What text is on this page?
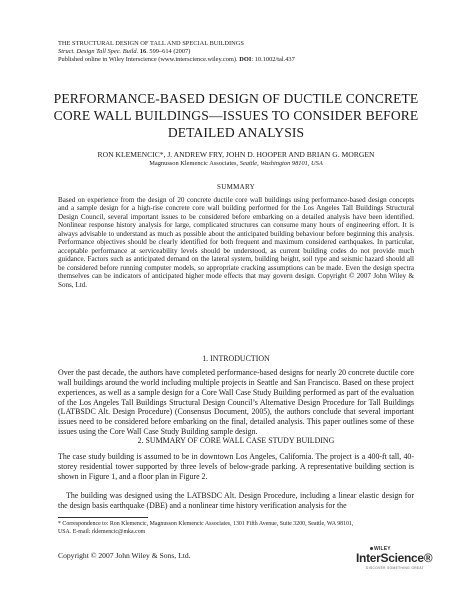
THE STRUCTURAL DESIGN OF TALL AND SPECIAL BUILDINGS
Struct. Design Tall Spec. Build. 16. 599–614 (2007)
Published online in Wiley Interscience (www.interscience.wiley.com). DOI: 10.1002/tal.437
PERFORMANCE-BASED DESIGN OF DUCTILE CONCRETE
CORE WALL BUILDINGS—ISSUES TO CONSIDER BEFORE
DETAILED ANALYSIS
RON KLEMENCIC*, J. ANDREW FRY, JOHN D. HOOPER AND BRIAN G. MORGEN
Magnusson Klemencic Associates, Seattle, Washington 98101, USA
SUMMARY
Based on experience from the design of 20 concrete ductile core wall buildings using performance-based design concepts and a sample design for a high-rise concrete core wall building performed for the Los Angeles Tall Buildings Structural Design Council, several important issues to be considered before embarking on a detailed analysis have been identified. Nonlinear response history analysis for large, complicated structures can consume many hours of engineering effort. It is always advisable to understand as much as possible about the anticipated building behaviour before beginning this analysis. Performance objectives should be clearly identified for both frequent and maximum considered earthquakes. In particular, acceptable performance at serviceability levels should be understood, as current building codes do not provide much guidance. Factors such as anticipated demand on the lateral system, building height, soil type and seismic hazard should all be considered before running computer models, so appropriate cracking assumptions can be made. Even the design spectra themselves can be indicators of anticipated higher mode effects that may govern design. Copyright © 2007 John Wiley & Sons, Ltd.
1. INTRODUCTION
Over the past decade, the authors have completed performance-based designs for nearly 20 concrete ductile core wall buildings around the world including multiple projects in Seattle and San Francisco. Based on these project experiences, as well as a sample design for a Core Wall Case Study Building performed as part of the evaluation of the Los Angeles Tall Buildings Structural Design Council’s Alternative Design Procedure for Tall Buildings (LATBSDC Alt. Design Procedure) (Consensus Document, 2005), the authors conclude that several important issues need to be considered before embarking on the final, detailed analysis. This paper outlines some of these issues using the Core Wall Case Study Building sample design.
2. SUMMARY OF CORE WALL CASE STUDY BUILDING
The case study building is assumed to be in downtown Los Angeles, California. The project is a 400-ft tall, 40-storey residential tower supported by three levels of below-grade parking. A representative building section is shown in Figure 1, and a floor plan in Figure 2.
The building was designed using the LATBSDC Alt. Design Procedure, including a linear elastic design for the design basis earthquake (DBE) and a nonlinear time history verification analysis for the
* Correspondence to: Ron Klemencic, Magnusson Klemencic Associates, 1301 Fifth Avenue, Suite 3200, Seattle, WA 98101,
USA. E-mail: rklemencic@mka.com
Copyright © 2007 John Wiley & Sons, Ltd.
WILEY
InterScience®
DISCOVER SOMETHING GREAT
